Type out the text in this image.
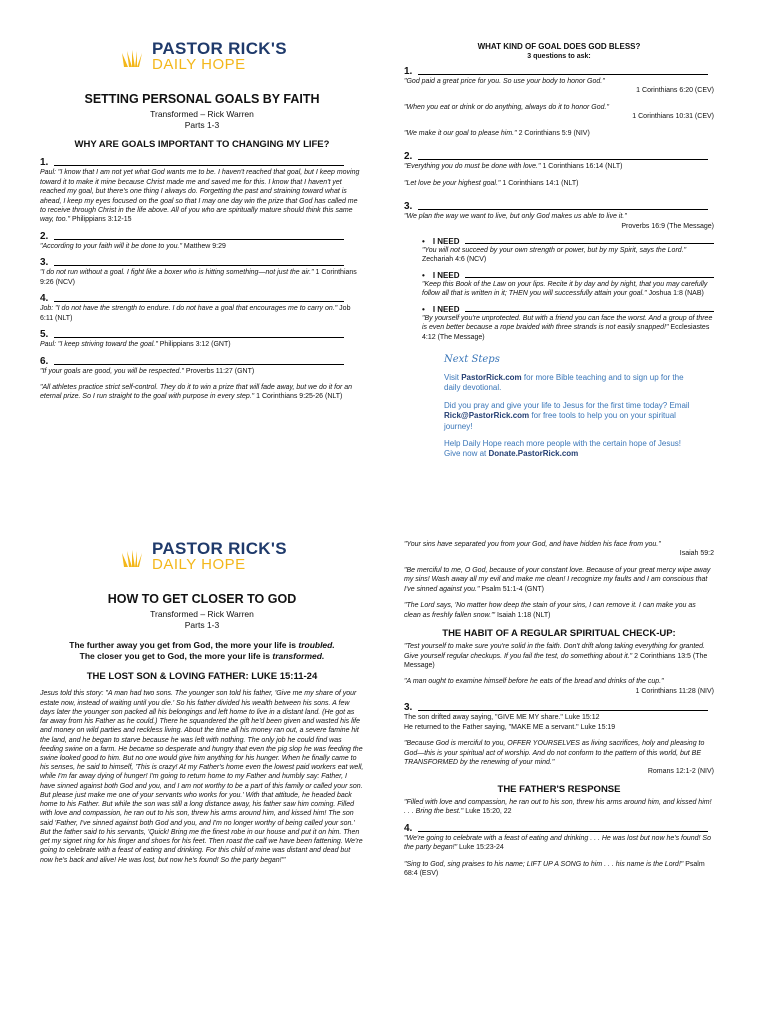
PASTOR RICK'S
DAILY HOPE
SETTING PERSONAL GOALS BY FAITH
Transformed – Rick Warren
Parts 1-3
WHY ARE GOALS IMPORTANT TO CHANGING MY LIFE?
1.
Paul: "I know that I am not yet what God wants me to be. I haven't reached that goal, but I keep moving toward it to make it mine because Christ made me and saved me for this. I know that I haven't yet reached my goal, but there's one thing I always do. Forgetting the past and straining toward what is ahead, I keep my eyes focused on the goal so that I may one day win the prize that God has called me to receive through Christ in the life above. All of you who are spiritually mature should think this same way, too." Philippians 3:12-15
2.
"According to your faith will it be done to you." Matthew 9:29
3.
"I do not run without a goal. I fight like a boxer who is hitting something—not just the air." 1 Corinthians 9:26 (NCV)
4.
Job: "I do not have the strength to endure. I do not have a goal that encourages me to carry on." Job 6:11 (NLT)
5.
Paul: "I keep striving toward the goal." Philippians 3:12 (GNT)
6.
"If your goals are good, you will be respected." Proverbs 11:27 (GNT)
"All athletes practice strict self-control. They do it to win a prize that will fade away, but we do it for an eternal prize. So I run straight to the goal with purpose in every step." 1 Corinthians 9:25-26 (NLT)
WHAT KIND OF GOAL DOES GOD BLESS?
3 questions to ask:
1.
"God paid a great price for you. So use your body to honor God."
1 Corinthians 6:20 (CEV)
"When you eat or drink or do anything, always do it to honor God."
1 Corinthians 10:31 (CEV)
"We make it our goal to please him." 2 Corinthians 5:9 (NIV)
2.
"Everything you do must be done with love." 1 Corinthians 16:14 (NLT)
"Let love be your highest goal." 1 Corinthians 14:1 (NLT)
3.
"We plan the way we want to live, but only God makes us able to live it."
Proverbs 16:9 (The Message)
• I NEED
"You will not succeed by your own strength or power, but by my Spirit, says the Lord." Zechariah 4:6 (NCV)
• I NEED
"Keep this Book of the Law on your lips. Recite it by day and by night, that you may carefully follow all that is written in it; THEN you will successfully attain your goal." Joshua 1:8 (NAB)
• I NEED
"By yourself you're unprotected. But with a friend you can face the worst. And a group of three is even better because a rope braided with three strands is not easily snapped!" Ecclesiastes 4:12 (The Message)
Next Steps

Visit PastorRick.com for more Bible teaching and to sign up for the daily devotional.

Did you pray and give your life to Jesus for the first time today? Email Rick@PastorRick.com for free tools to help you on your spiritual journey!

Help Daily Hope reach more people with the certain hope of Jesus! Give now at Donate.PastorRick.com

PASTOR RICK'S
DAILY HOPE
HOW TO GET CLOSER TO GOD
Transformed – Rick Warren
Parts 1-3
The further away you get from God, the more your life is troubled.
The closer you get to God, the more your life is transformed.
THE LOST SON & LOVING FATHER: LUKE 15:11-24
Jesus told this story: "A man had two sons. The younger son told his father, 'Give me my share of your estate now, instead of waiting until you die.' So his father divided his wealth between his sons. A few days later the younger son packed all his belongings and left home to live in a distant land. (He got as far away from his Father as he could.) There he squandered the gift he'd been given and wasted his life and money on wild parties and reckless living. About the time all his money ran out, a severe famine hit the land, and he began to starve because he was left with nothing. The only job he could find was feeding swine on a farm. He became so desperate and hungry that even the pig slop he was feeding the swine looked good to him. But no one would give him anything for his hunger. When he finally came to his senses, he said to himself, 'This is crazy! At my Father's home even the lowest paid workers eat well, while I'm far away dying of hunger! I'm going to return home to my Father and humbly say: Father, I have sinned against both God and you, and I am not worthy to be a part of this family or called your son. But please just make me one of your servants who works for you.' With that attitude, he headed back home to his Father. But while the son was still a long distance away, his father saw him coming. Filled with love and compassion, he ran out to his son, threw his arms around him, and kissed him! The son said 'Father, I've sinned against both God and you, and I'm no longer worthy of being called your son.' But the father said to his servants, 'Quick! Bring me the finest robe in our house and put it on him. Then get my signet ring for his finger and shoes for his feet. Then roast the calf we have been fattening. We're going to celebrate with a feast of eating and drinking. For this child of mine was distant and dead but now he's back and alive! He was lost, but now he's found! So the party began!'"
"Your sins have separated you from your God, and have hidden his face from you."
Isaiah 59:2
"Be merciful to me, O God, because of your constant love. Because of your great mercy wipe away my sins! Wash away all my evil and make me clean! I recognize my faults and I am conscious that I've sinned against you." Psalm 51:1-4 (GNT)
"The Lord says, 'No matter how deep the stain of your sins, I can remove it. I can make you as clean as freshly fallen snow.'" Isaiah 1:18 (NLT)
THE HABIT OF A REGULAR SPIRITUAL CHECK-UP:
"Test yourself to make sure you're solid in the faith. Don't drift along taking everything for granted. Give yourself regular checkups. If you fail the test, do something about it." 2 Corinthians 13:5 (The Message)
"A man ought to examine himself before he eats of the bread and drinks of the cup."
1 Corinthians 11:28 (NIV)
3.
The son drifted away saying, "GIVE ME MY share." Luke 15:12
He returned to the Father saying, "MAKE ME a servant." Luke 15:19
"Because God is merciful to you, OFFER YOURSELVES as living sacrifices, holy and pleasing to God—this is your spiritual act of worship. And do not conform to the pattern of this world, but BE TRANSFORMED by the renewing of your mind."
Romans 12:1-2 (NIV)
THE FATHER'S RESPONSE
"Filled with love and compassion, he ran out to his son, threw his arms around him, and kissed him! . . . Bring the best." Luke 15:20, 22
4.
"We're going to celebrate with a feast of eating and drinking . . . He was lost but now he's found! So the party began!" Luke 15:23-24
"Sing to God, sing praises to his name; LIFT UP A SONG to him . . . his name is the Lord!" Psalm 68:4 (ESV)
